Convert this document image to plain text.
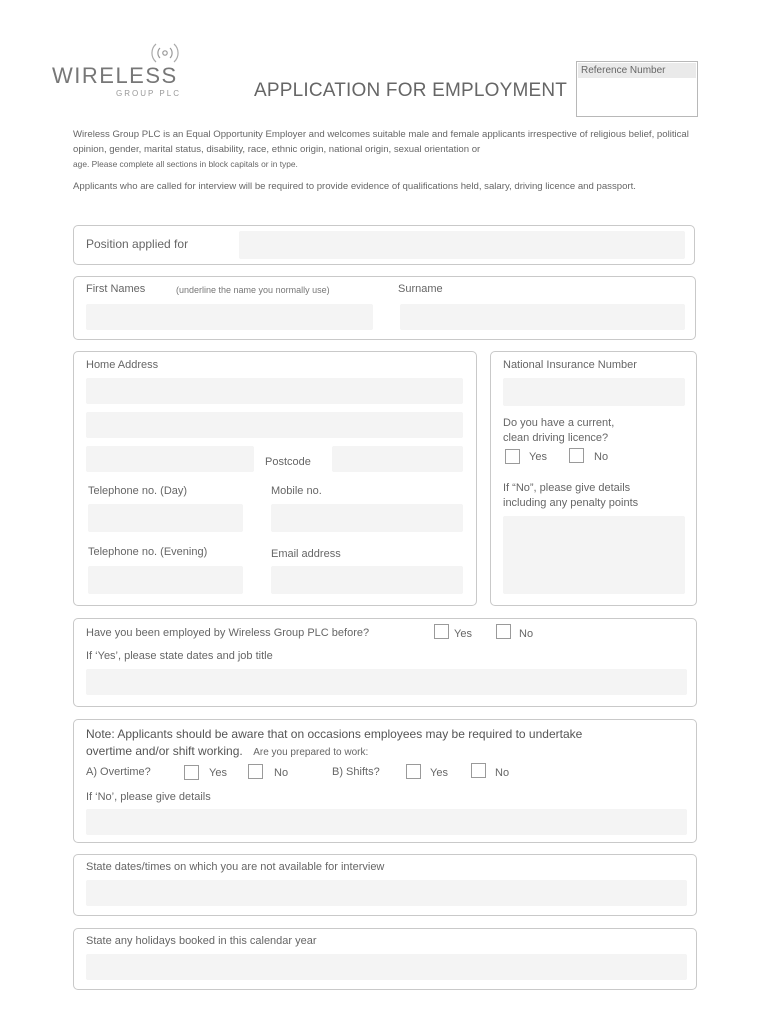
WIRELESS
GROUP PLC	APPLICATION FOR EMPLOYMENT
Reference Number
Wireless Group PLC is an Equal Opportunity Employer and welcomes suitable male and female applicants irrespective of religious belief, political opinion, gender, marital status, disability, race, ethnic origin, national origin, sexual orientation or
age. Please complete all sections in block capitals or in type.
Applicants who are called for interview will be required to provide evidence of qualifications held, salary, driving licence and passport.
Position applied for
First Names	(underline the name you normally use)	Surname
Home Address
Postcode
Telephone no. (Day)	Mobile no.
Telephone no. (Evening)	Email address
National Insurance Number
Do you have a current,
clean driving licence?
Yes	No
If “No”, please give details
including any penalty points
Have you been employed by Wireless Group PLC before?	Yes	No
If ‘Yes’, please state dates and job title
Note: Applicants should be aware that on occasions employees may be required to undertake
overtime and/or shift working. Are you prepared to work:
A) Overtime?	Yes	No	B) Shifts?	Yes	No
If ‘No’, please give details
State dates/times on which you are not available for interview
State any holidays booked in this calendar year
